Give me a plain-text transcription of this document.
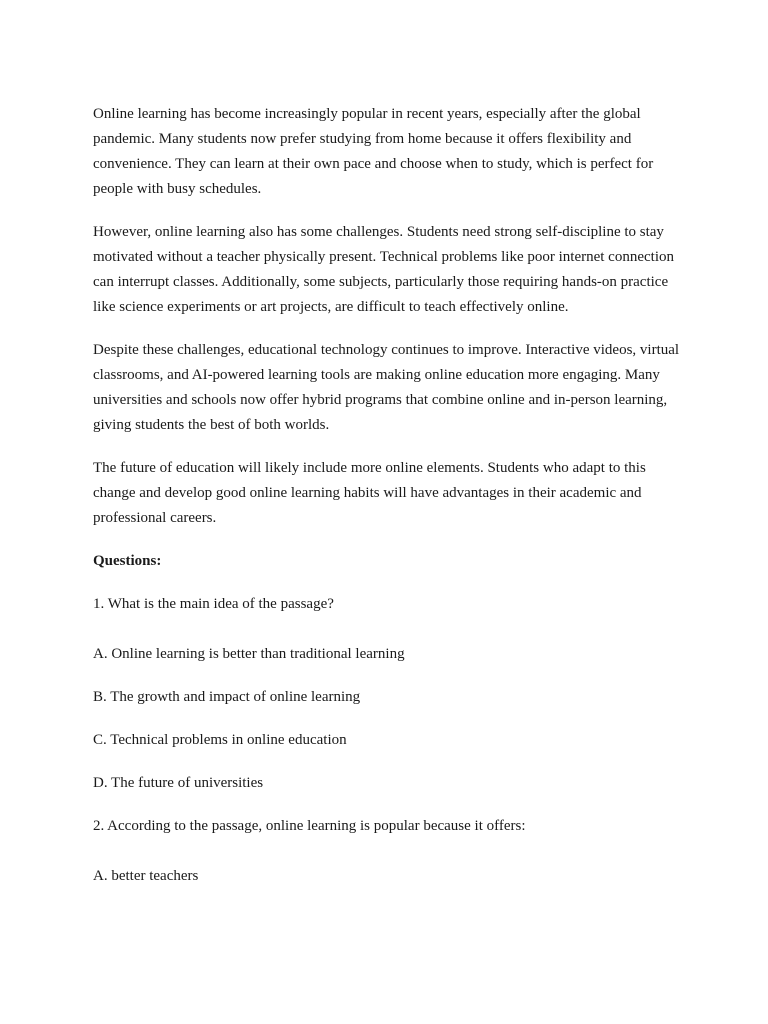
Online learning has become increasingly popular in recent years, especially after the global pandemic. Many students now prefer studying from home because it offers flexibility and convenience. They can learn at their own pace and choose when to study, which is perfect for people with busy schedules.

However, online learning also has some challenges. Students need strong self-discipline to stay motivated without a teacher physically present. Technical problems like poor internet connection can interrupt classes. Additionally, some subjects, particularly those requiring hands-on practice like science experiments or art projects, are difficult to teach effectively online.

Despite these challenges, educational technology continues to improve. Interactive videos, virtual classrooms, and AI-powered learning tools are making online education more engaging. Many universities and schools now offer hybrid programs that combine online and in-person learning, giving students the best of both worlds.

The future of education will likely include more online elements. Students who adapt to this change and develop good online learning habits will have advantages in their academic and professional careers.

Questions:

1. What is the main idea of the passage?

A. Online learning is better than traditional learning

B. The growth and impact of online learning

C. Technical problems in online education

D. The future of universities

2. According to the passage, online learning is popular because it offers:

A. better teachers
